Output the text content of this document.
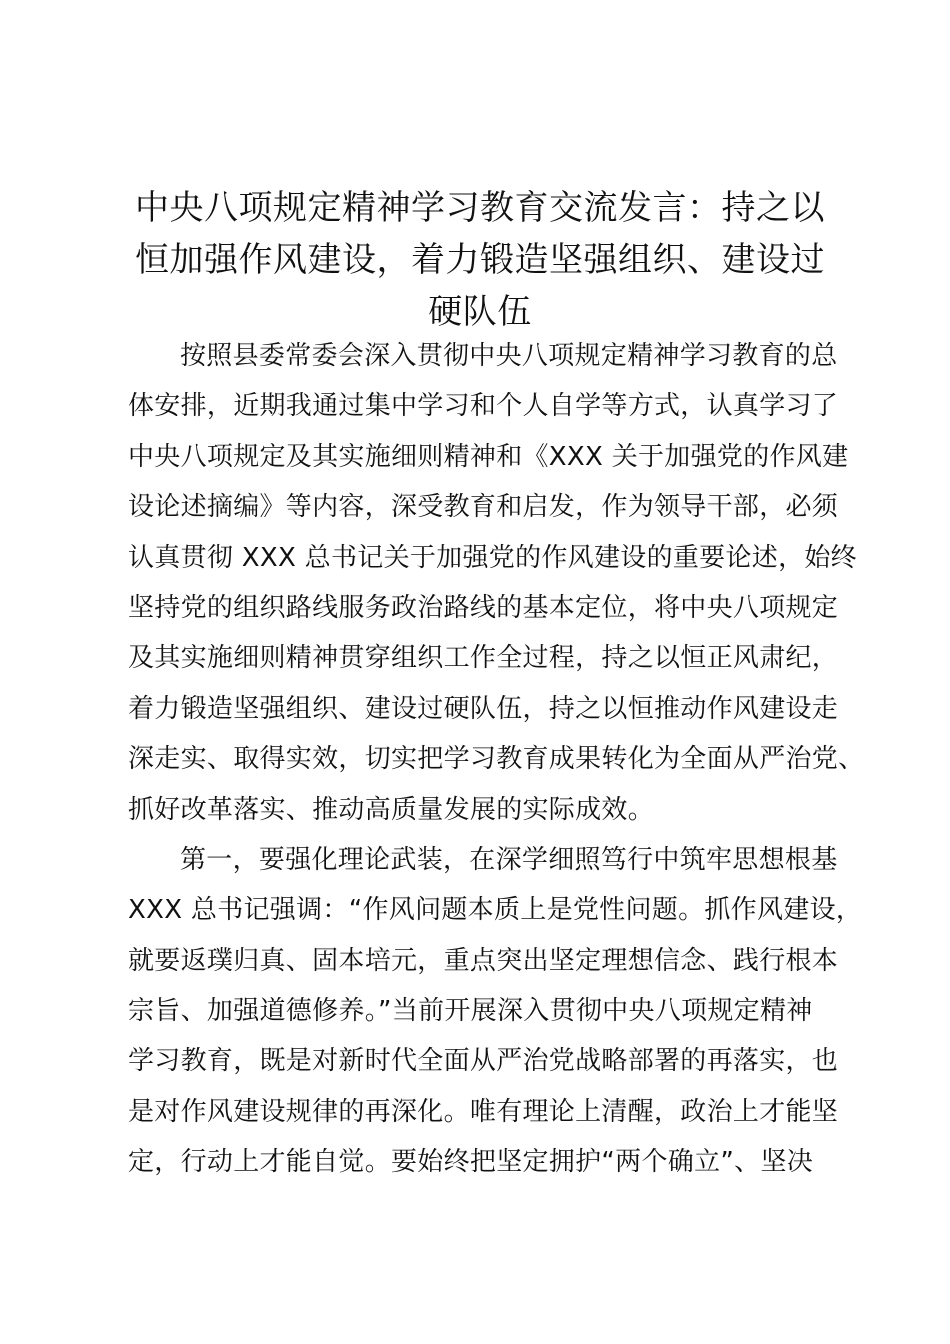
中央八项规定精神学习教育交流发言：持之以
恒加强作风建设，着力锻造坚强组织、建设过
硬队伍
按照县委常委会深入贯彻中央八项规定精神学习教育的总
体安排，近期我通过集中学习和个人自学等方式，认真学习了
中央八项规定及其实施细则精神和《XXX 关于加强党的作风建
设论述摘编》等内容，深受教育和启发，作为领导干部，必须
认真贯彻 XXX 总书记关于加强党的作风建设的重要论述，始终
坚持党的组织路线服务政治路线的基本定位，将中央八项规定
及其实施细则精神贯穿组织工作全过程，持之以恒正风肃纪，
着力锻造坚强组织、建设过硬队伍，持之以恒推动作风建设走
深走实、取得实效，切实把学习教育成果转化为全面从严治党、
抓好改革落实、推动高质量发展的实际成效。
第一，要强化理论武装，在深学细照笃行中筑牢思想根基
XXX 总书记强调：“作风问题本质上是党性问题。抓作风建设，
就要返璞归真、固本培元，重点突出坚定理想信念、践行根本
宗旨、加强道德修养。”当前开展深入贯彻中央八项规定精神
学习教育，既是对新时代全面从严治党战略部署的再落实，也
是对作风建设规律的再深化。唯有理论上清醒，政治上才能坚
定，行动上才能自觉。要始终把坚定拥护“两个确立”、坚决
